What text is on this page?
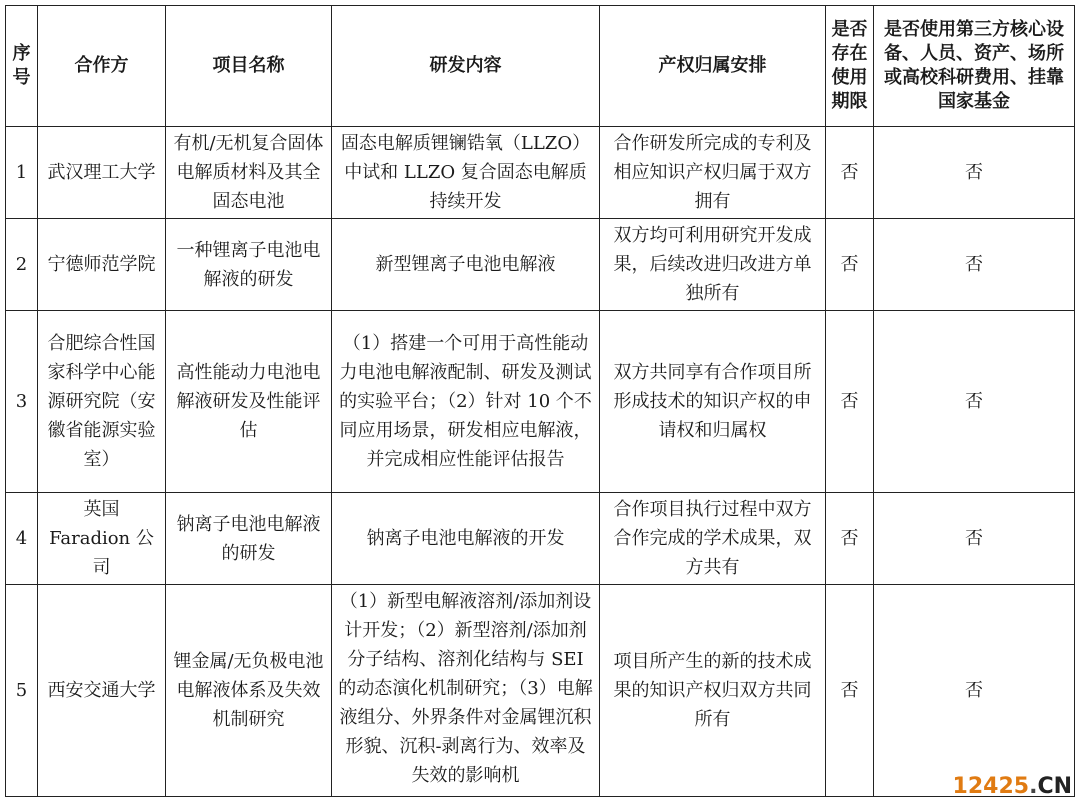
序号	合作方	项目名称	研发内容	产权归属安排	是否存在使用期限	是否使用第三方核心设备、人员、资产、场所或高校科研费用、挂靠国家基金
1	武汉理工大学	有机/无机复合固体电解质材料及其全固态电池	固态电解质锂镧锆氧（LLZO）中试和 LLZO 复合固态电解质持续开发	合作研发所完成的专利及相应知识产权归属于双方拥有	否	否
2	宁德师范学院	一种锂离子电池电解液的研发	新型锂离子电池电解液	双方均可利用研究开发成果，后续改进归改进方单独所有	否	否
3	合肥综合性国家科学中心能源研究院（安徽省能源实验室）	高性能动力电池电解液研发及性能评估	（1）搭建一个可用于高性能动力电池电解液配制、研发及测试的实验平台；（2）针对 10 个不同应用场景，研发相应电解液，并完成相应性能评估报告	双方共同享有合作项目所形成技术的知识产权的申请权和归属权	否	否
4	英国 Faradion 公司	钠离子电池电解液的研发	钠离子电池电解液的开发	合作项目执行过程中双方合作完成的学术成果，双方共有	否	否
5	西安交通大学	锂金属/无负极电池电解液体系及失效机制研究	（1）新型电解液溶剂/添加剂设计开发；（2）新型溶剂/添加剂分子结构、溶剂化结构与 SEI 的动态演化机制研究；（3）电解液组分、外界条件对金属锂沉积形貌、沉积-剥离行为、效率及失效的影响机	项目所产生的新的技术成果的知识产权归双方共同所有	否	否
12425.CN
